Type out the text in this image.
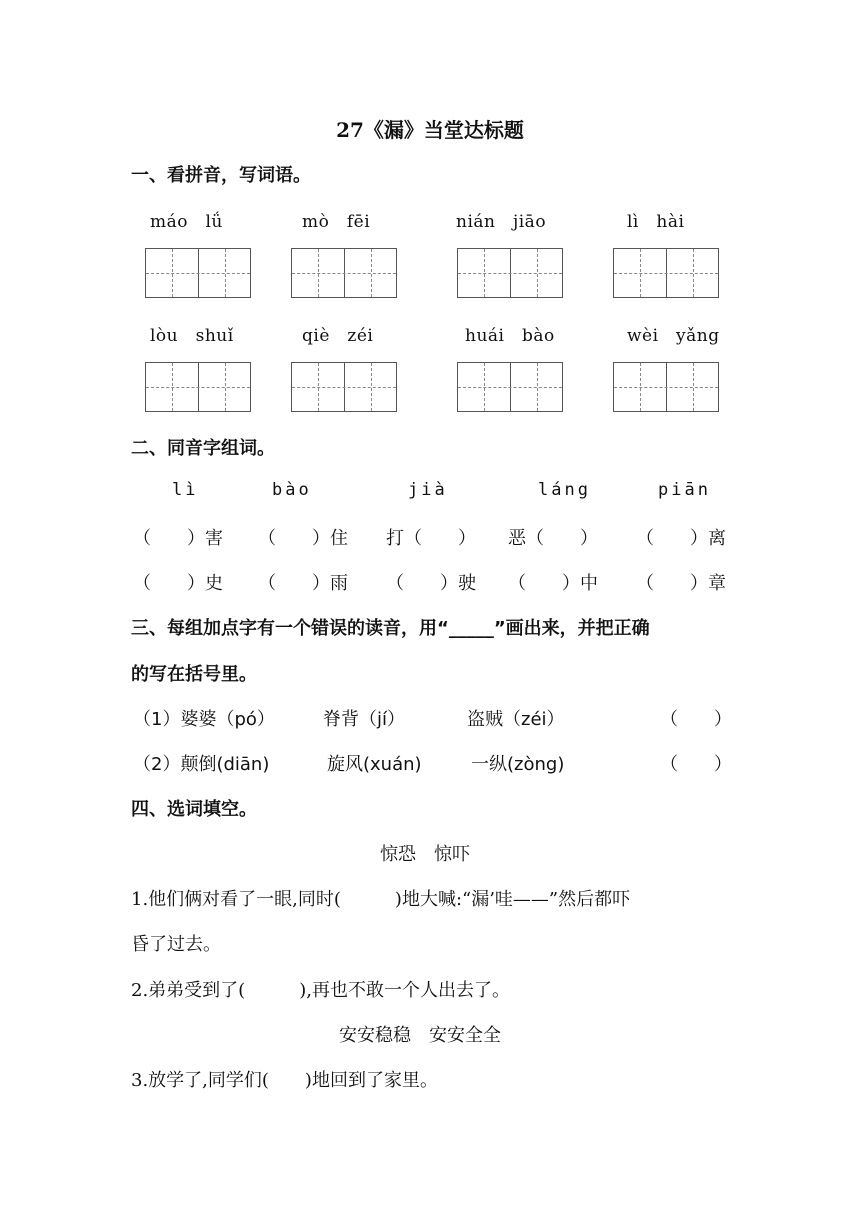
27《漏》当堂达标题
一、看拼音，写词语。
máo　lǘ	mò　fēi	nián　jiāo	lì　hài
lòu　shuǐ	qiè　zéi	huái　bào	wèi　yǎng
二、同音字组词。
lì	bào	jià	láng	piān
（　　）害 （　　）住 打（　　） 恶（　　） （　　）离
（　　）史 （　　）雨 （　　）驶 （　　）中 （　　）章
三、每组加点字有一个错误的读音，用“_____”画出来，并把正确
的写在括号里。
（1）婆婆（pó）	脊背（jí）	盗贼（zéi）	（　　）
（2）颠倒(diān)	旋风(xuán)	一纵(zòng)	（　　）
四、选词填空。
惊恐　惊吓
1.他们俩对看了一眼,同时(　　　)地大喊:“漏’哇——”然后都吓
昏了过去。
2.弟弟受到了(　　　),再也不敢一个人出去了。
安安稳稳　安安全全
3.放学了,同学们(　　)地回到了家里。
